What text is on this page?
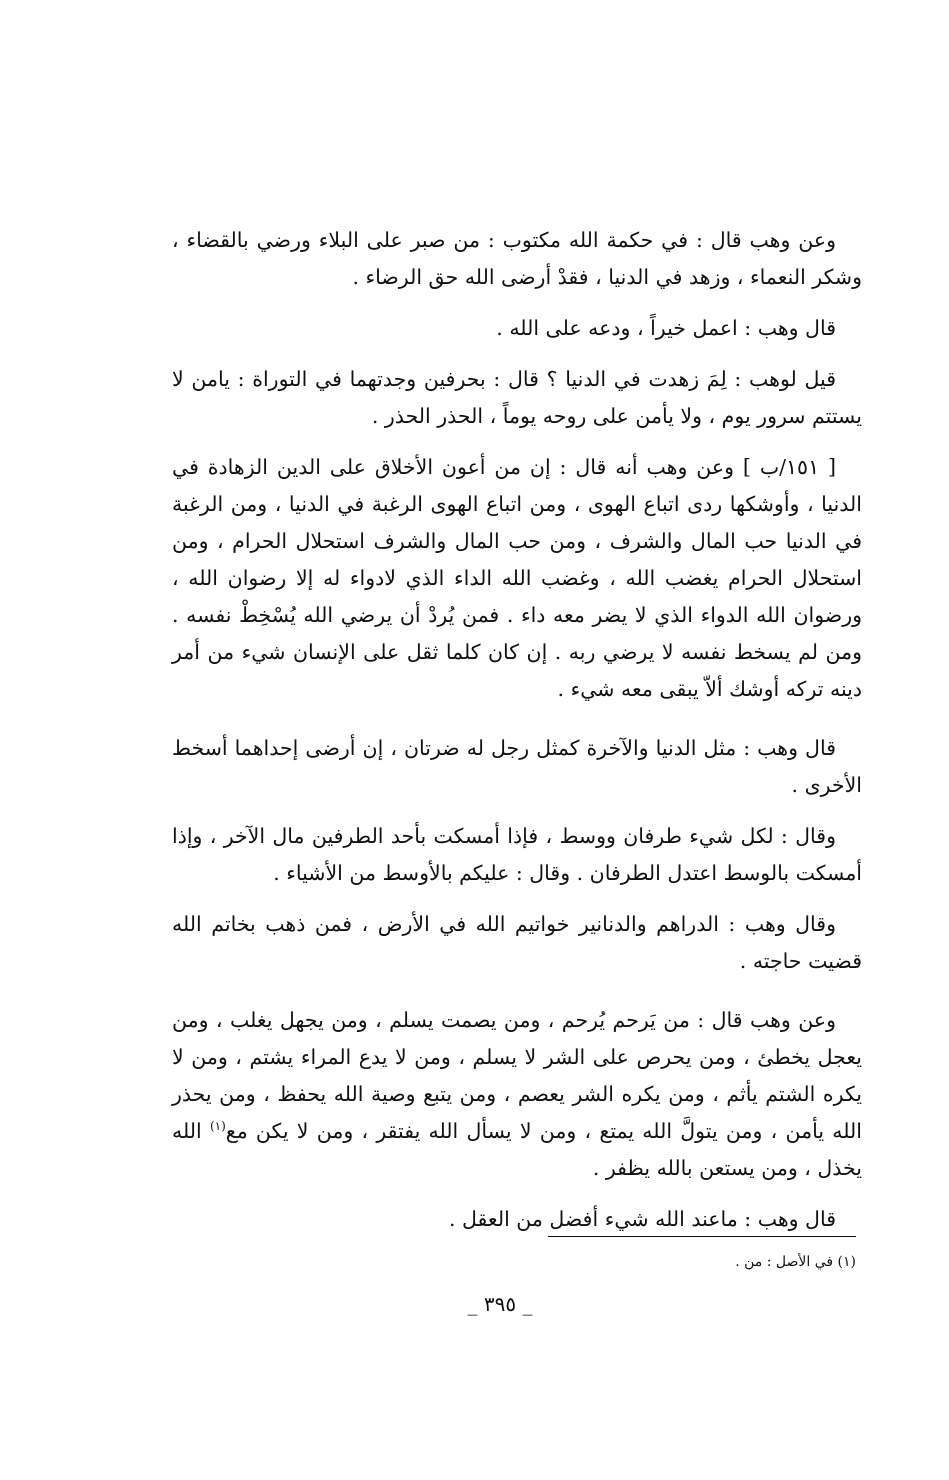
وعن وهب قال : في حكمة الله مكتوب : من صبر على البلاء ورضي بالقضاء ، وشكر النعماء ، وزهد في الدنيا ، فقدْ أرضى الله حق الرضاء .

قال وهب : اعمل خيراً ، ودعه على الله .

قيل لوهب : لِمَ زهدت في الدنيا ؟ قال : بحرفين وجدتهما في التوراة : يامن لا يستتم سرور يوم ، ولا يأمن على روحه يوماً ، الحذر الحذر .

[ ١٥١/ب ] وعن وهب أنه قال : إن من أعون الأخلاق على الدين الزهادة في الدنيا ، وأوشكها ردى اتباع الهوى ، ومن اتباع الهوى الرغبة في الدنيا ، ومن الرغبة في الدنيا حب المال والشرف ، ومن حب المال والشرف استحلال الحرام ، ومن استحلال الحرام يغضب الله ، وغضب الله الداء الذي لادواء له إلا رضوان الله ، ورضوان الله الدواء الذي لا يضر معه داء . فمن يُردْ أن يرضي الله يُسْخِطْ نفسه . ومن لم يسخط نفسه لا يرضي ربه . إن كان كلما ثقل على الإنسان شيء من أمر دينه تركه أوشك ألاّ يبقى معه شيء .

قال وهب : مثل الدنيا والآخرة كمثل رجل له ضرتان ، إن أرضى إحداهما أسخط الأخرى .

وقال : لكل شيء طرفان ووسط ، فإذا أمسكت بأحد الطرفين مال الآخر ، وإذا أمسكت بالوسط اعتدل الطرفان . وقال : عليكم بالأوسط من الأشياء .

وقال وهب : الدراهم والدنانير خواتيم الله في الأرض ، فمن ذهب بخاتم الله قضيت حاجته .

وعن وهب قال : من يَرحم يُرحم ، ومن يصمت يسلم ، ومن يجهل يغلب ، ومن يعجل يخطئ ، ومن يحرص على الشر لا يسلم ، ومن لا يدع المراء يشتم ، ومن لا يكره الشتم يأثم ، ومن يكره الشر يعصم ، ومن يتبع وصية الله يحفظ ، ومن يحذر الله يأمن ، ومن يتولَّ الله يمتع ، ومن لا يسأل الله يفتقر ، ومن لا يكن مع$^{(١)}$ الله يخذل ، ومن يستعن بالله يظفر .

قال وهب : ماعند الله شيء أفضل من العقل .

(١) في الأصل : من .
_ ٣٩٥ _
